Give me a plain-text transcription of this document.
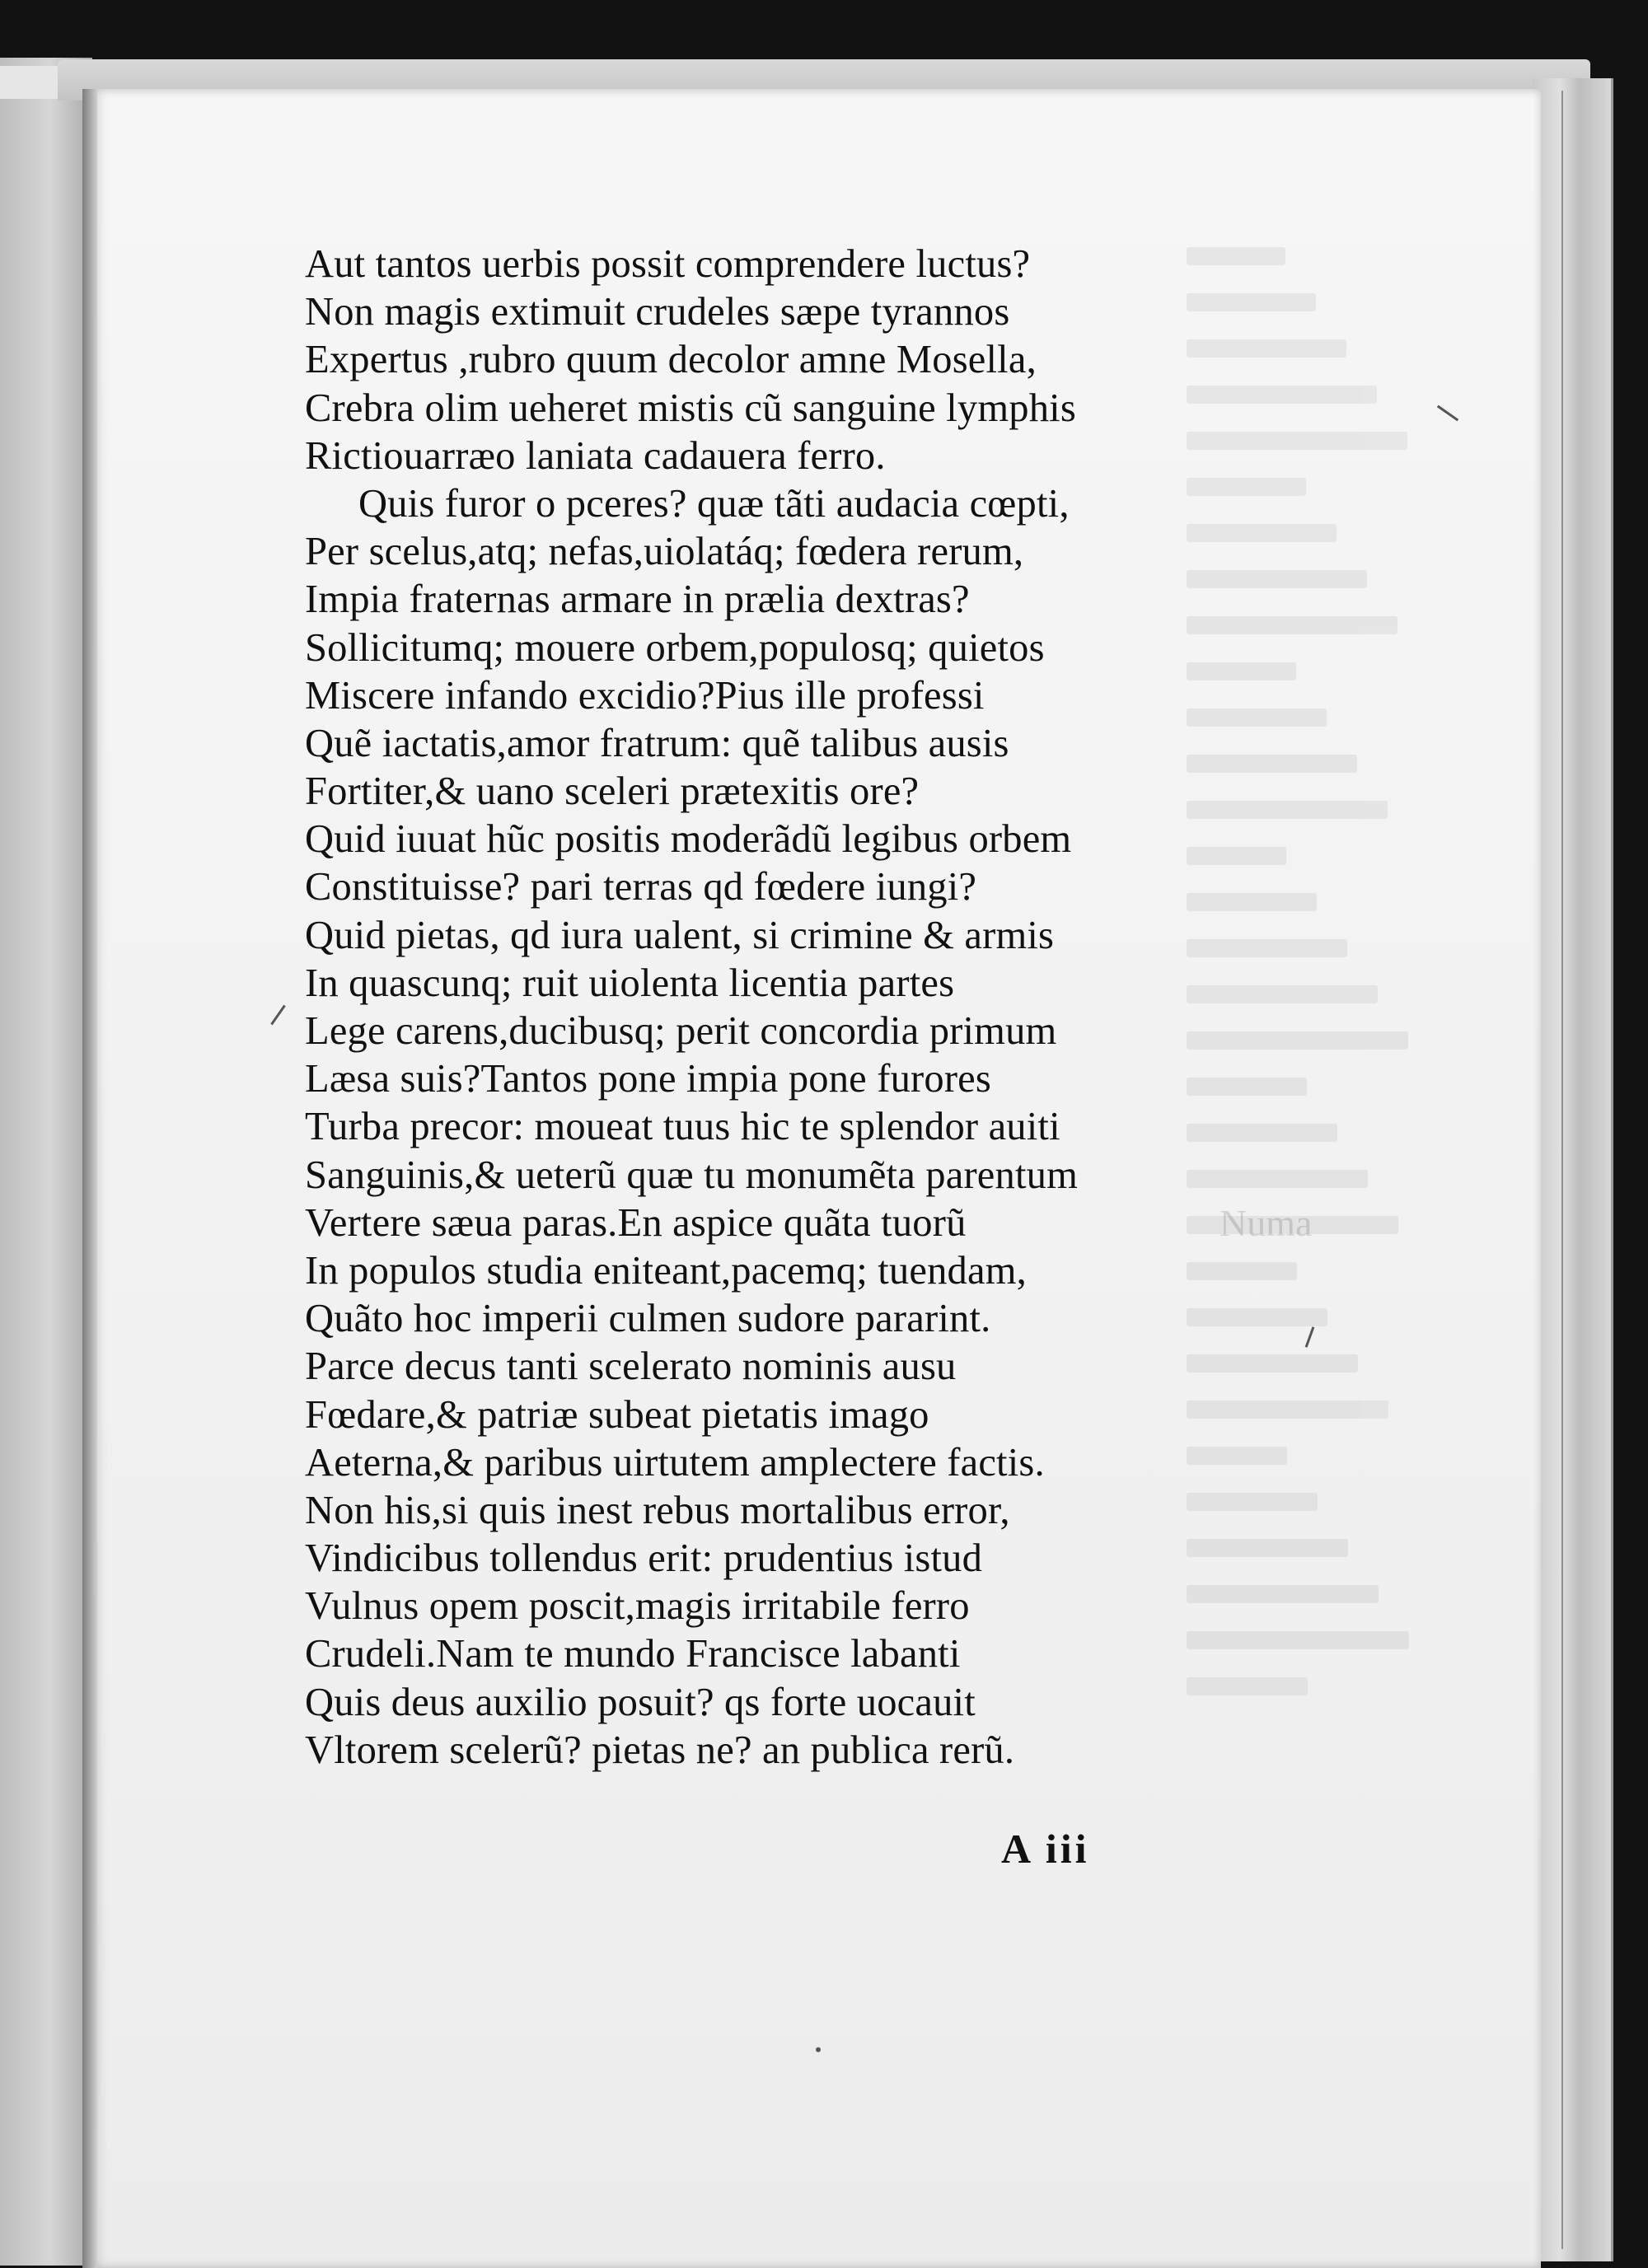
Numa
Aut tantos uerbis possit comprendere luctus?
Non magis extimuit crudeles sæpe tyrannos
Expertus ,rubro quum decolor amne Mosella,
Crebra olim ueheret mistis cũ sanguine lymphis
Rictiouarræo laniata cadauera ferro.
Quis furor o pceres? quæ tãti audacia cœpti,
Per scelus,atq; nefas,uiolatáq; fœdera rerum,
Impia fraternas armare in prælia dextras?
Sollicitumq; mouere orbem,populosq; quietos
Miscere infando excidio?Pius ille professi
Quẽ iactatis,amor fratrum: quẽ talibus ausis
Fortiter,& uano sceleri prætexitis ore?
Quid iuuat hũc positis moderãdũ legibus orbem
Constituisse? pari terras qd fœdere iungi?
Quid pietas, qd iura ualent, si crimine & armis
In quascunq; ruit uiolenta licentia partes
Lege carens,ducibusq; perit concordia primum
Læsa suis?Tantos pone impia pone furores
Turba precor: moueat tuus hic te splendor auiti
Sanguinis,& ueterũ quæ tu monumẽta parentum
Vertere sæua paras.En aspice quãta tuorũ
In populos studia eniteant,pacemq; tuendam,
Quãto hoc imperii culmen sudore pararint.
Parce decus tanti scelerato nominis ausu
Fœdare,& patriæ subeat pietatis imago
Aeterna,& paribus uirtutem amplectere factis.
Non his,si quis inest rebus mortalibus error,
Vindicibus tollendus erit: prudentius istud
Vulnus opem poscit,magis irritabile ferro
Crudeli.Nam te mundo Francisce labanti
Quis deus auxilio posuit? qs forte uocauit
Vltorem scelerũ? pietas ne? an publica rerũ.
A iii
